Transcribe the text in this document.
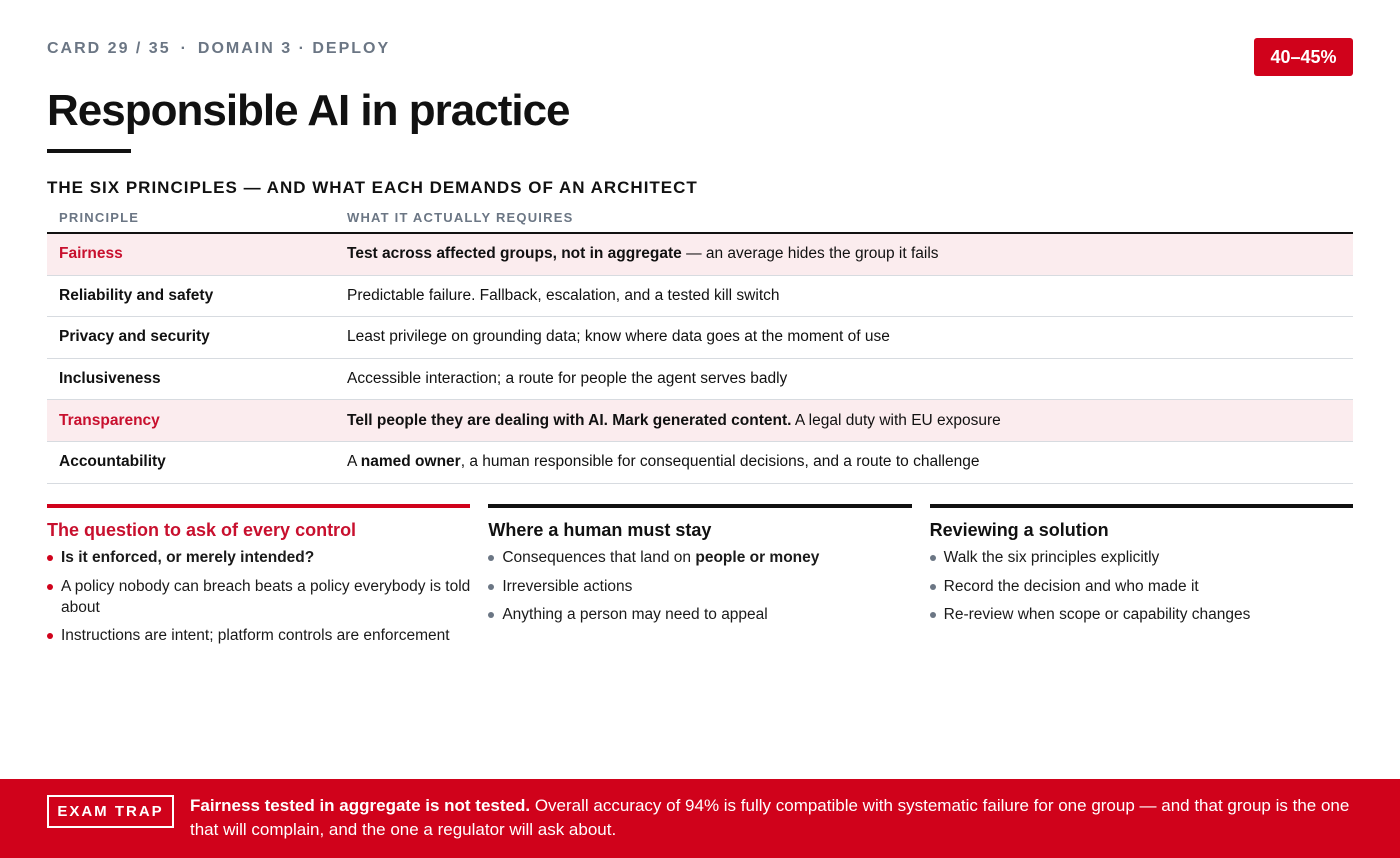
CARD 29 / 35 · DOMAIN 3 · DEPLOY	40–45%
Responsible AI in practice
THE SIX PRINCIPLES — AND WHAT EACH DEMANDS OF AN ARCHITECT
PRINCIPLE	WHAT IT ACTUALLY REQUIRES
Fairness	Test across affected groups, not in aggregate — an average hides the group it fails
Reliability and safety	Predictable failure. Fallback, escalation, and a tested kill switch
Privacy and security	Least privilege on grounding data; know where data goes at the moment of use
Inclusiveness	Accessible interaction; a route for people the agent serves badly
Transparency	Tell people they are dealing with AI. Mark generated content. A legal duty with EU exposure
Accountability	A named owner, a human responsible for consequential decisions, and a route to challenge
The question to ask of every control
Is it enforced, or merely intended?
A policy nobody can breach beats a policy everybody is told about
Instructions are intent; platform controls are enforcement
Where a human must stay
Consequences that land on people or money
Irreversible actions
Anything a person may need to appeal
Reviewing a solution
Walk the six principles explicitly
Record the decision and who made it
Re-review when scope or capability changes
EXAM TRAP	Fairness tested in aggregate is not tested. Overall accuracy of 94% is fully compatible with systematic failure for one group — and that group is the one that will complain, and the one a regulator will ask about.
